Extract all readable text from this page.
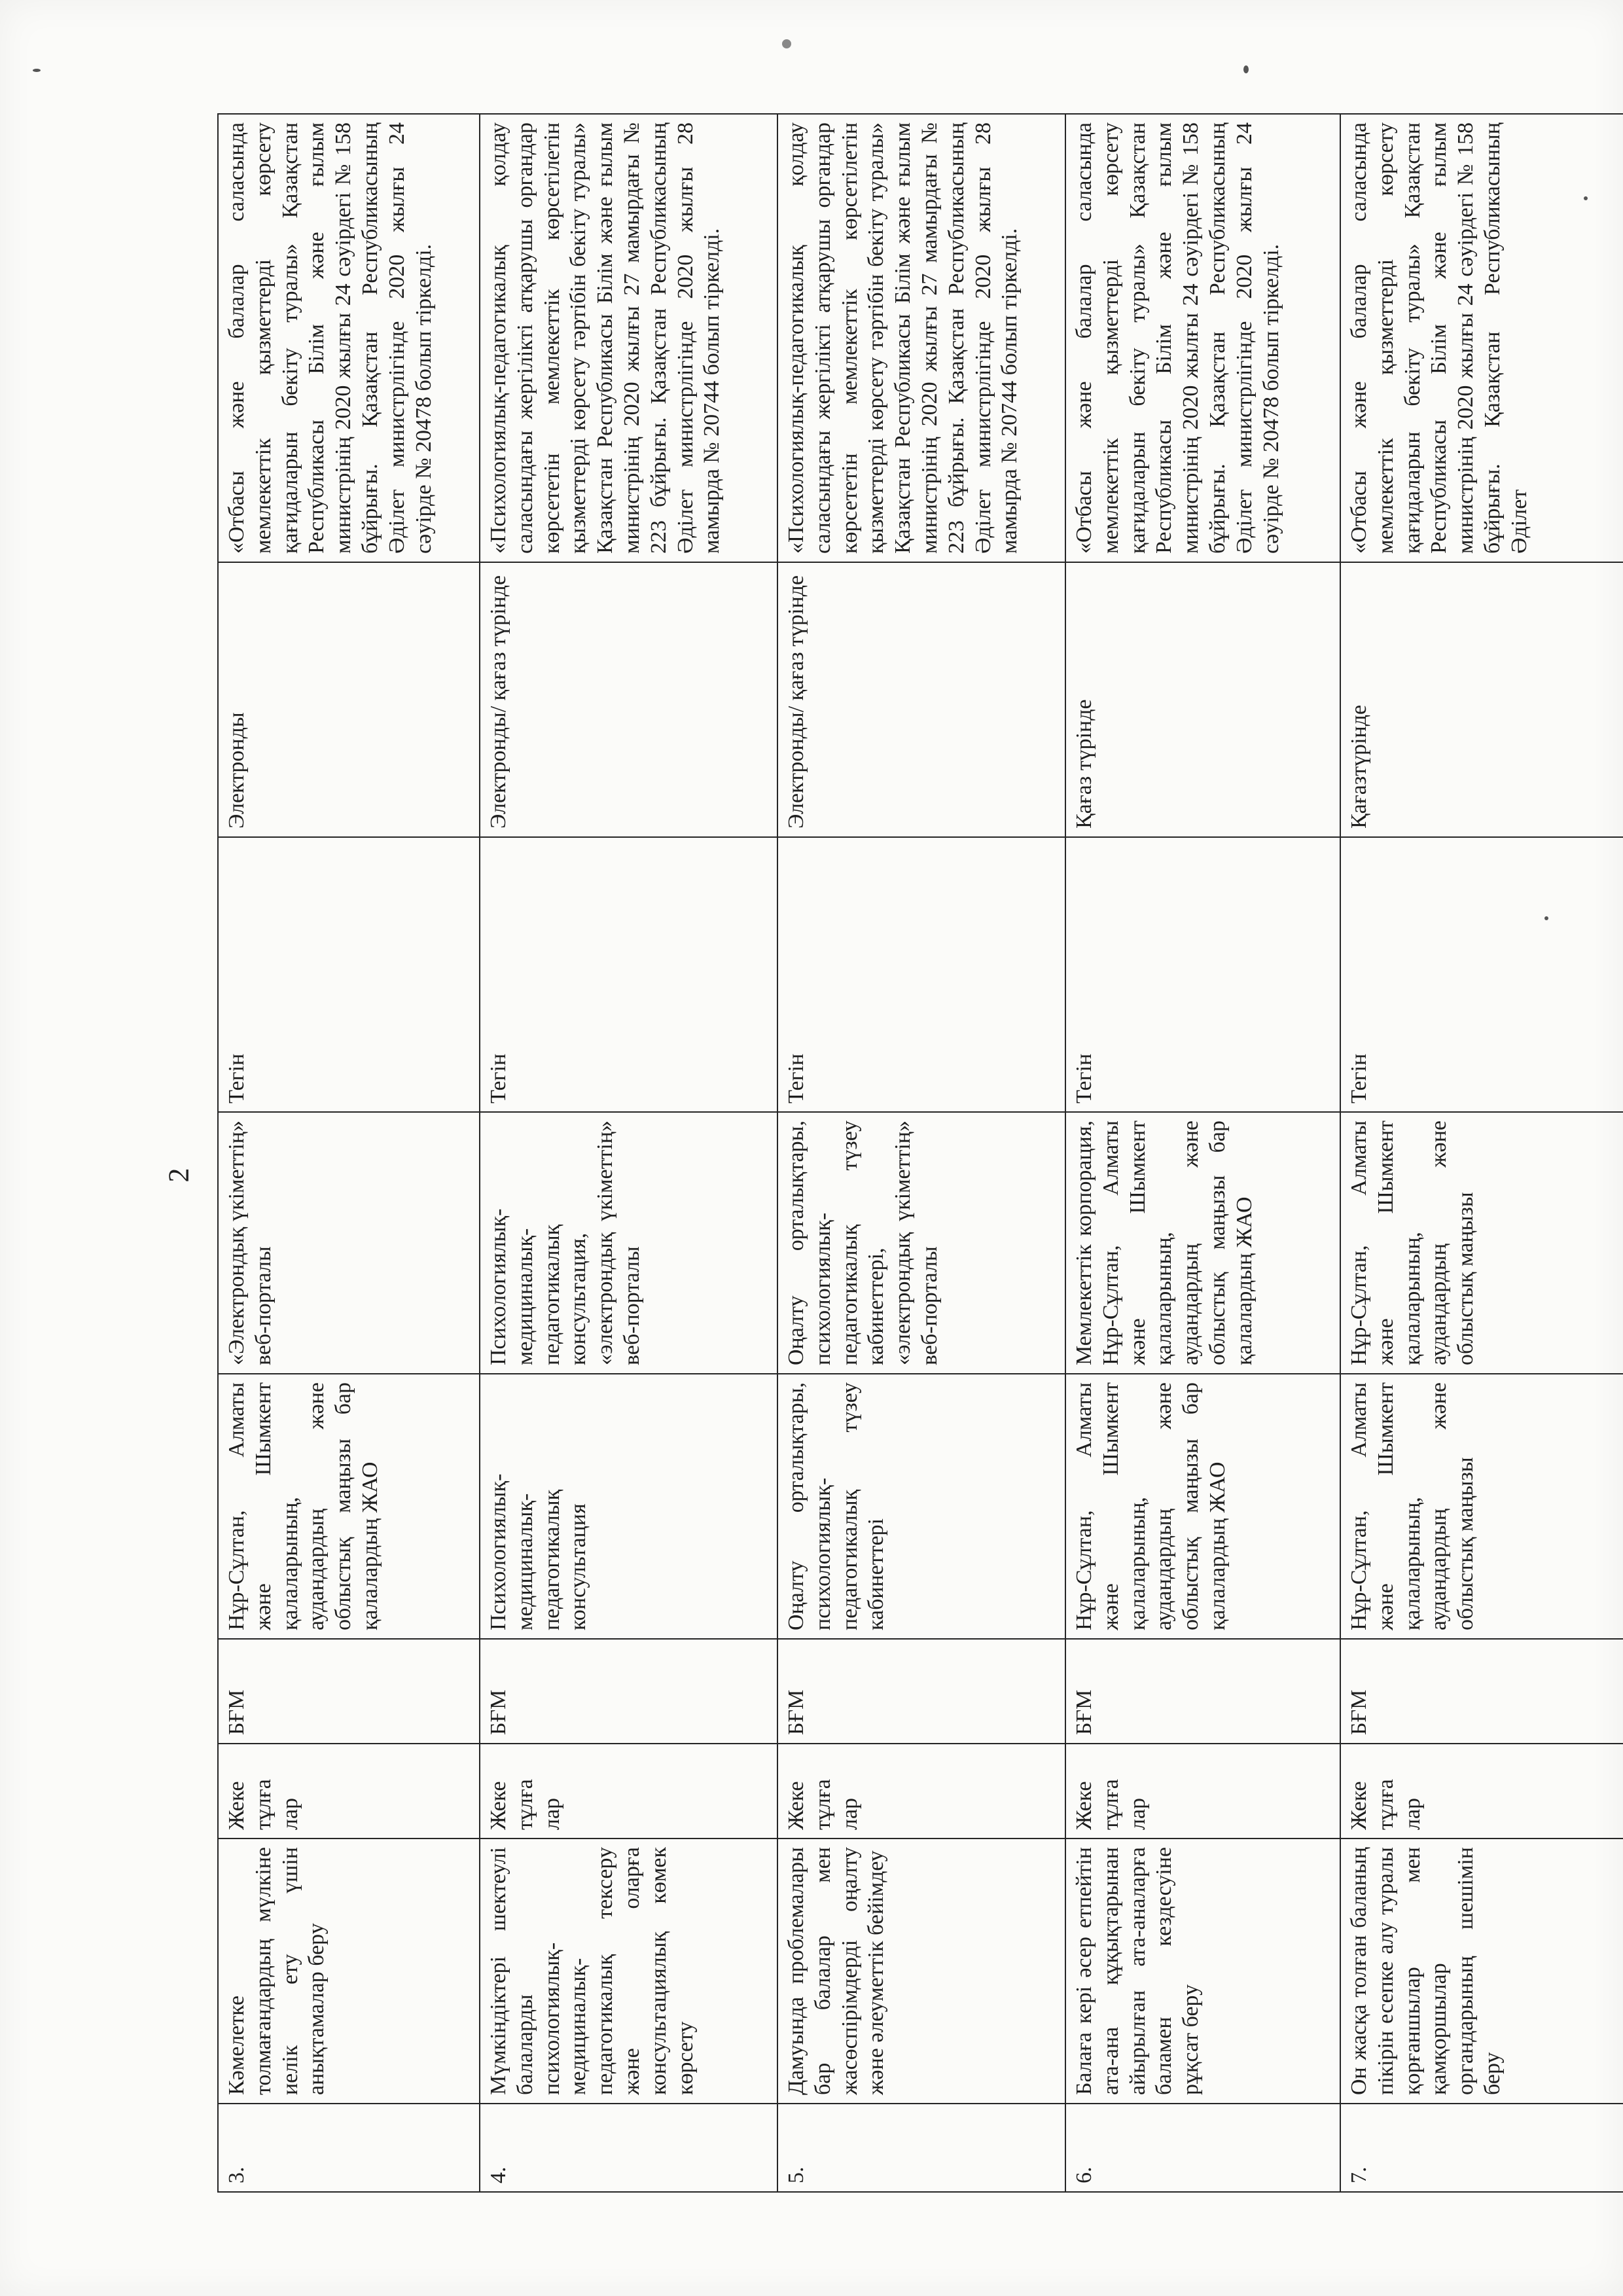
2
3.	Кәмелетке толмағандардың мүлкіне иелік ету үшін анықтамалар беру	Жеке тұлға лар	БҒМ	Нұр-Сұлтан, Алматы және Шымкент қалаларының, аудандардың және облыстық маңызы бар қалалардың ЖАО	«Электрондық үкіметтің» веб-порталы	Тегін	Электронды	«Отбасы және балалар саласында мемлекеттік қызметтерді көрсету қағидаларын бекіту туралы» Қазақстан Республикасы Білім және ғылым министрінің 2020 жылғы 24 сәуірдегі № 158 бұйрығы. Қазақстан Республикасының Әділет министрлігінде 2020 жылғы 24 сәуірде № 20478 болып тіркелді.
4.	Мүмкіндіктері шектеулі балаларды психологиялық-медициналық-педагогикалық тексеру және оларға консультациялық көмек көрсету	Жеке тұлға лар	БҒМ	Психологиялық-медициналық-педагогикалық консультация	Психологиялық-медициналық-педагогикалық консультация, «электрондық үкіметтің» веб-порталы	Тегін	Электронды/ қағаз түрінде	«Психологиялық-педагогикалық қолдау салаcындағы жергілікті атқарушы органдар көрсететін мемлекеттік көрсетілетін қызметтерді көрсету тәртібін бекіту туралы» Қазақстан Республикасы Білім және ғылым министрінің 2020 жылғы 27 мамырдағы № 223 бұйрығы. Қазақстан Республикасының Әділет министрлігінде 2020 жылғы 28 мамырда № 20744 болып тіркелді.
5.	Дамуында проблемалары бар балалар мен жасөспірімдерді оңалту және әлеуметтік бейімдеу	Жеке тұлға лар	БҒМ	Оңалту орталықтары, психологиялық-педагогикалық түзеу кабинеттері	Оңалту орталықтары, психологиялық-педагогикалық түзеу кабинеттері, «электрондық үкіметтің» веб-порталы	Тегін	Электронды/ қағаз түрінде	«Психологиялық-педагогикалық қолдау салаcындағы жергілікті атқарушы органдар көрсететін мемлекеттік көрсетілетін қызметтерді көрсету тәртібін бекіту туралы» Қазақстан Республикасы Білім және ғылым министрінің 2020 жылғы 27 мамырдағы № 223 бұйрығы. Қазақстан Республикасының Әділет министрлігінде 2020 жылғы 28 мамырда № 20744 болып тіркелді.
6.	Балаға кері әсер етпейтін ата-ана құқықтарынан айырылған ата-аналарға баламен кездесуіне рұқсат беру	Жеке тұлға лар	БҒМ	Нұр-Сұлтан, Алматы және Шымкент қалаларының, аудандардың және облыстық маңызы бар қалалардың ЖАО	Мемлекеттік корпорация, Нұр-Сұлтан, Алматы және Шымкент қалаларының, аудандардың және облыстық маңызы бар қалалардың ЖАО	Тегін	Қағаз түрінде	«Отбасы және балалар саласында мемлекеттік қызметтерді көрсету қағидаларын бекіту туралы» Қазақстан Республикасы Білім және ғылым министрінің 2020 жылғы 24 сәуірдегі № 158 бұйрығы. Қазақстан Республикасының Әділет министрлігінде 2020 жылғы 24 сәуірде № 20478 болып тіркелді.
7.	Он жасқа толған баланың пікірін есепке алу туралы қорғаншылар мен қамқоршылар органдарының шешімін беру	Жеке тұлға лар	БҒМ	Нұр-Сұлтан, Алматы және Шымкент қалаларының, аудандардың және облыстық маңызы	Нұр-Сұлтан, Алматы және Шымкент қалаларының, аудандардың және облыстық маңызы	Тегін	Қағазтүрінде	«Отбасы және балалар саласында мемлекеттік қызметтерді көрсету қағидаларын бекіту туралы» Қазақстан Республикасы Білім және ғылым министрінің 2020 жылғы 24 сәуірдегі № 158 бұйрығы. Қазақстан Республикасының Әділет
